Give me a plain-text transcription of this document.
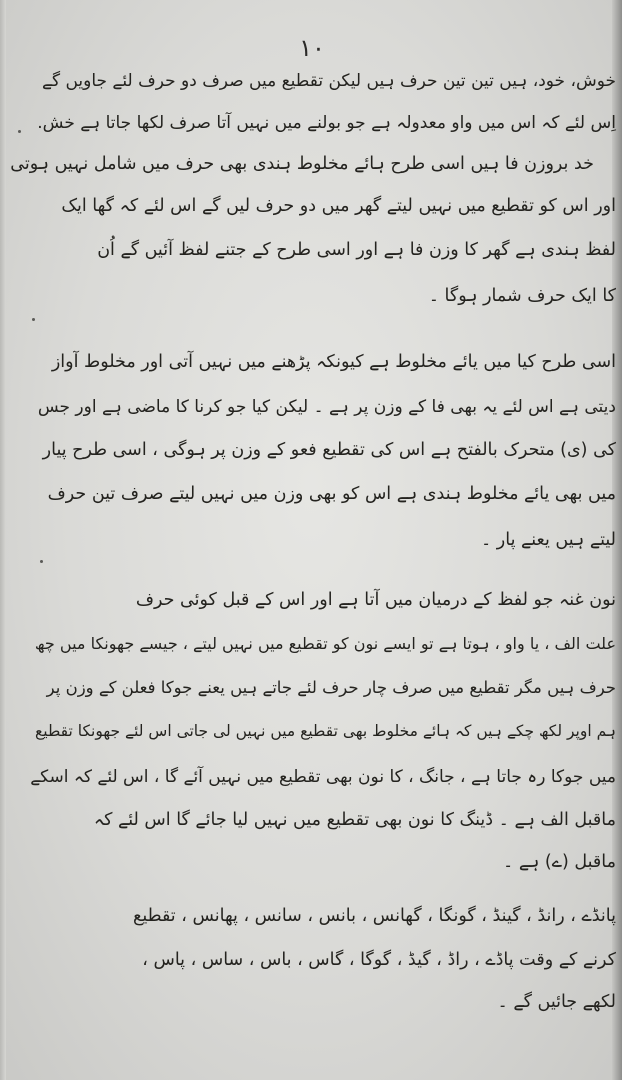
۱۰
خوش، خود، ہیں تین تین حرف ہیں لیکن تقطیع میں صرف دو حرف لئے جاویں گے
اِس لئے کہ اس میں واو معدولہ ہے جو بولنے میں نہیں آتا صرف لکھا جاتا ہے خش.
خد بروزن فا ہیں اسی طرح ہائے مخلوط ہندی بھی حرف میں شامل نہیں ہوتی
اور اس کو تقطیع میں نہیں لیتے گھر میں دو حرف لیں گے اس لئے کہ گھا ایک
لفظ ہندی ہے گھر کا وزن فا ہے اور اسی طرح کے جتنے لفظ آئیں گے اُن
کا ایک حرف شمار ہوگا ۔
اسی طرح کیا میں یائے مخلوط ہے کیونکہ پڑھنے میں نہیں آتی اور مخلوط آواز
دیتی ہے اس لئے یہ بھی فا کے وزن پر ہے ۔ لیکن کیا جو کرنا کا ماضی ہے اور جس
کی (ی) متحرک بالفتح ہے اس کی تقطیع فعو کے وزن پر ہوگی ، اسی طرح پیار
میں بھی یائے مخلوط ہندی ہے اس کو بھی وزن میں نہیں لیتے صرف تین حرف
لیتے ہیں یعنے پار ۔
نون غنہ جو لفظ کے درمیان میں آتا ہے اور اس کے قبل کوئی حرف
علت الف ، یا واو ، ہوتا ہے تو ایسے نون کو تقطیع میں نہیں لیتے ، جیسے جھونکا میں چھ
حرف ہیں مگر تقطیع میں صرف چار حرف لئے جاتے ہیں یعنے جوکا فعلن کے وزن پر
ہم اوپر لکھ چکے ہیں کہ ہائے مخلوط بھی تقطیع میں نہیں لی جاتی اس لئے جھونکا تقطیع
میں جوکا رہ جاتا ہے ، جانگ ، کا نون بھی تقطیع میں نہیں آئے گا ، اس لئے کہ اسکے
ماقبل الف ہے ۔ ڈینگ کا نون بھی تقطیع میں نہیں لیا جائے گا اس لئے کہ
ماقبل (ے) ہے ۔
پانڈے ، رانڈ ، گینڈ ، گونگا ، گھانس ، بانس ، سانس ، پھانس ، تقطیع
کرنے کے وقت پاڈے ، راڈ ، گیڈ ، گوگا ، گاس ، باس ، ساس ، پاس ،
لکھے جائیں گے ۔
